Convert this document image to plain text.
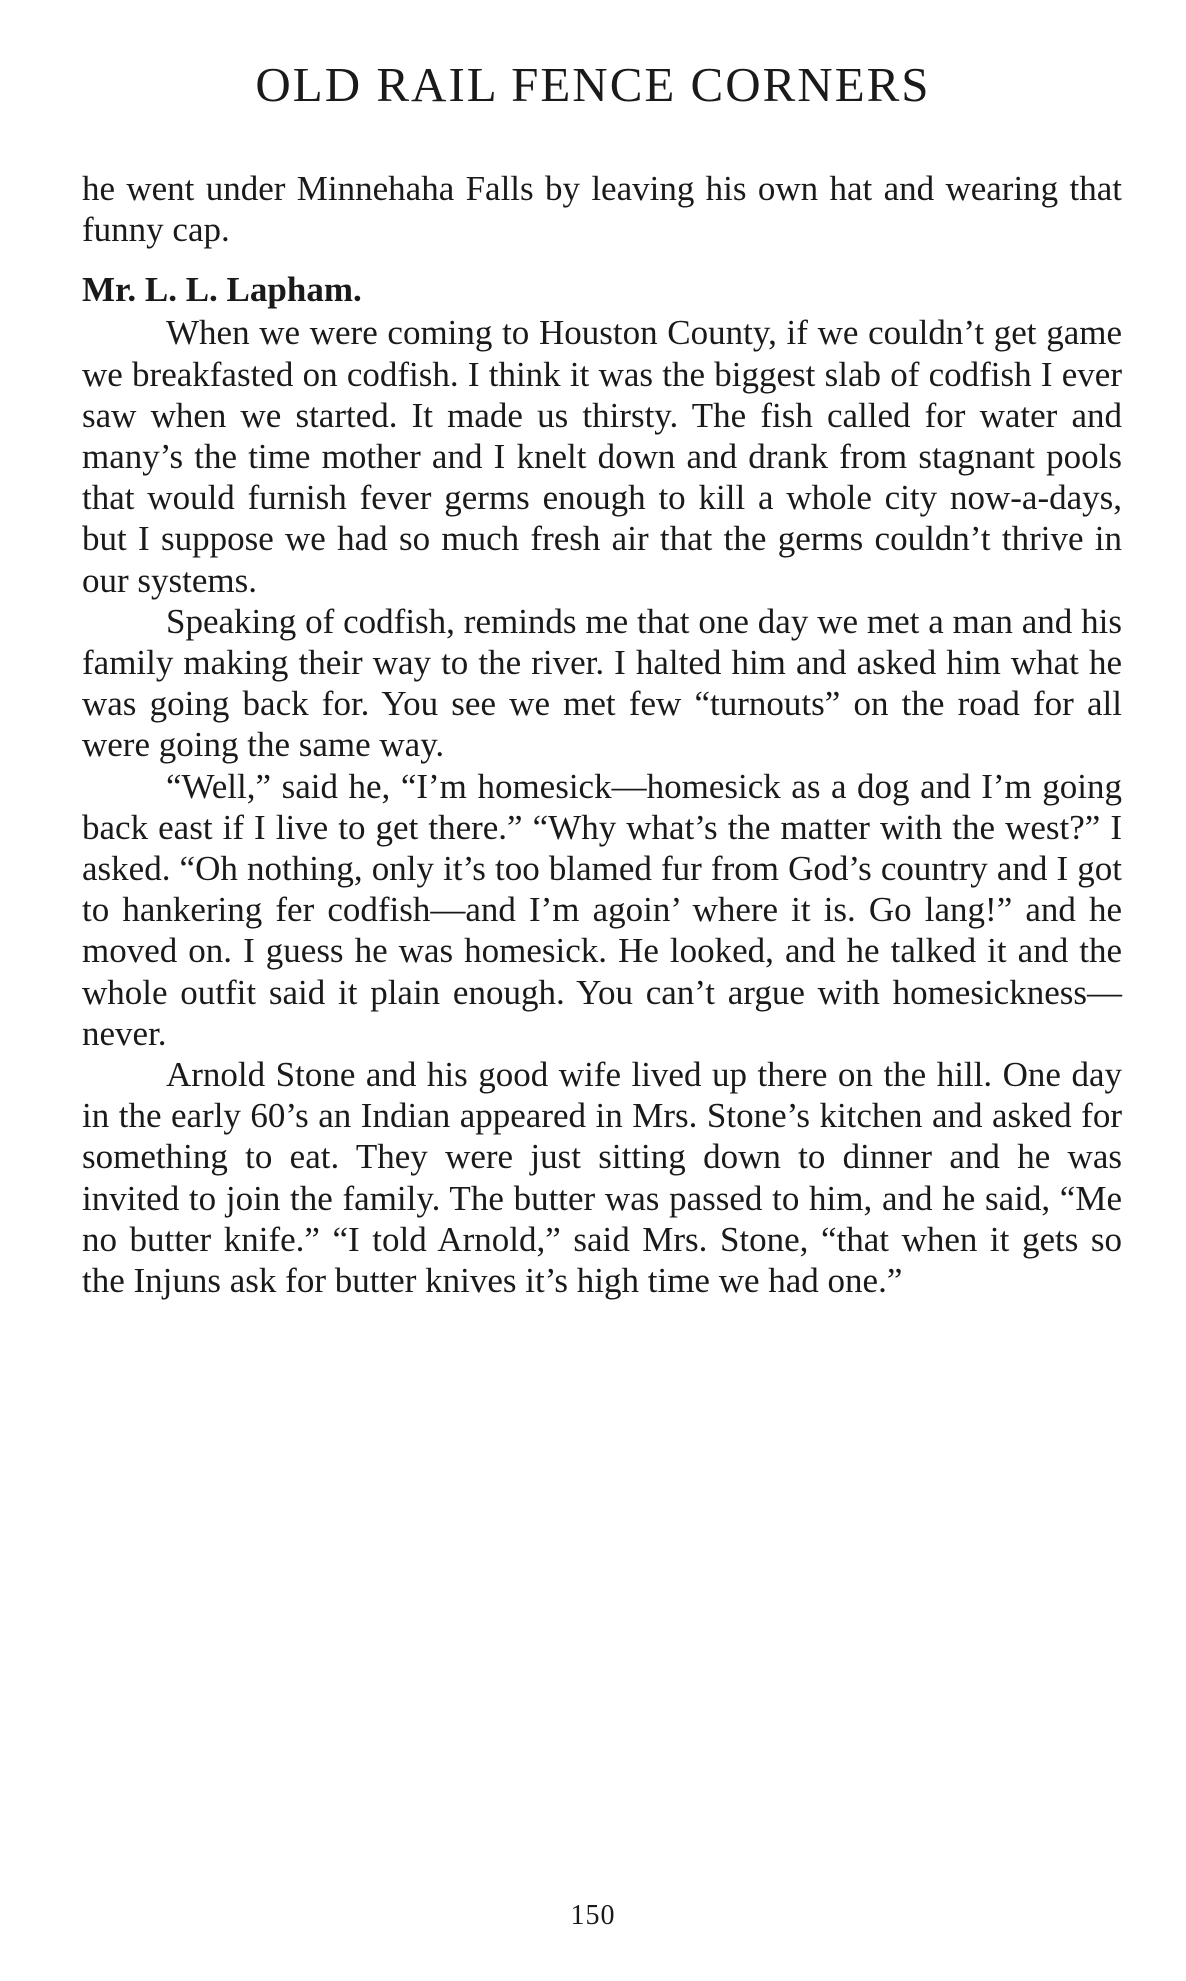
OLD RAIL FENCE CORNERS

he went under Minnehaha Falls by leaving his own hat and wearing that funny cap.

Mr. L. L. Lapham.

When we were coming to Houston County, if we couldn’t get game we breakfasted on codfish. I think it was the biggest slab of codfish I ever saw when we started. It made us thirsty. The fish called for water and many’s the time mother and I knelt down and drank from stagnant pools that would furnish fever germs enough to kill a whole city now-a-days, but I suppose we had so much fresh air that the germs couldn’t thrive in our systems.

Speaking of codfish, reminds me that one day we met a man and his family making their way to the river. I halted him and asked him what he was going back for. You see we met few “turnouts” on the road for all were going the same way.

“Well,” said he, “I’m homesick—homesick as a dog and I’m going back east if I live to get there.” “Why what’s the matter with the west?” I asked. “Oh nothing, only it’s too blamed fur from God’s country and I got to hankering fer codfish—and I’m agoin’ where it is. Go lang!” and he moved on. I guess he was homesick. He looked, and he talked it and the whole outfit said it plain enough. You can’t argue with homesickness—never.

Arnold Stone and his good wife lived up there on the hill. One day in the early 60’s an Indian appeared in Mrs. Stone’s kitchen and asked for something to eat. They were just sitting down to dinner and he was invited to join the family. The butter was passed to him, and he said, “Me no butter knife.” “I told Arnold,” said Mrs. Stone, “that when it gets so the Injuns ask for butter knives it’s high time we had one.”

150
